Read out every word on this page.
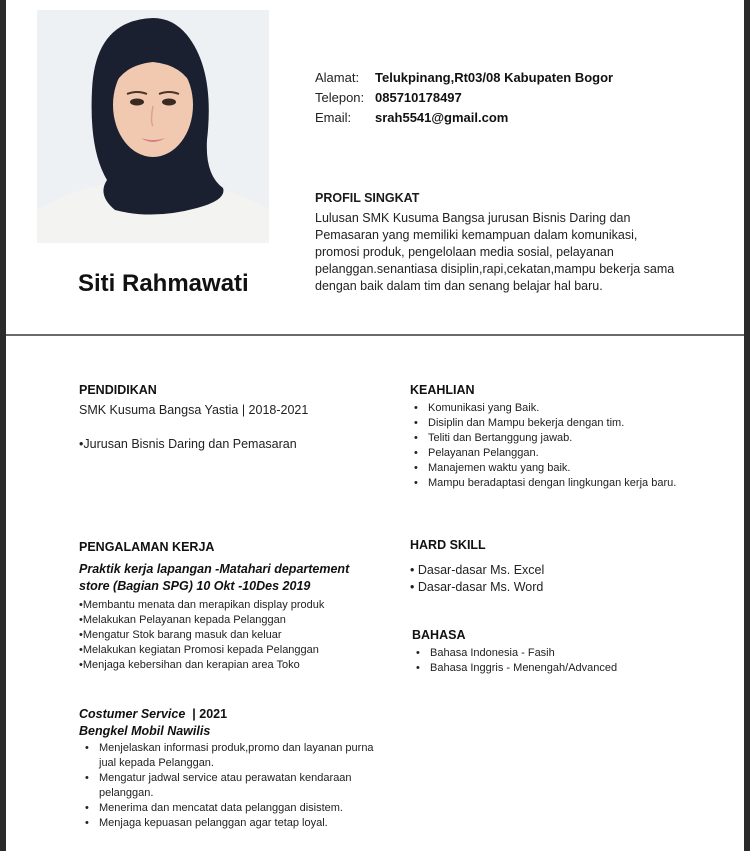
Siti Rahmawati
Alamat:	Telukpinang,Rt03/08 Kabupaten Bogor
Telepon: 085710178497
Email:	srah5541@gmail.com
PROFIL SINGKAT
Lulusan SMK Kusuma Bangsa jurusan Bisnis Daring dan Pemasaran yang memiliki kemampuan dalam komunikasi, promosi produk, pengelolaan media sosial, pelayanan pelanggan.senantiasa disiplin,rapi,cekatan,mampu bekerja sama dengan baik dalam tim dan senang belajar hal baru.
PENDIDIKAN
SMK Kusuma Bangsa Yastia | 2018-2021
•Jurusan Bisnis Daring dan Pemasaran
KEAHLIAN
• Komunikasi yang Baik.
• Disiplin dan Mampu bekerja dengan tim.
• Teliti dan Bertanggung jawab.
• Pelayanan Pelanggan.
• Manajemen waktu yang baik.
• Mampu beradaptasi dengan lingkungan kerja baru.
PENGALAMAN KERJA
Praktik kerja lapangan -Matahari departement store (Bagian SPG) 10 Okt -10Des 2019
•Membantu menata dan merapikan display produk
•Melakukan Pelayanan kepada Pelanggan
•Mengatur Stok barang masuk dan keluar
•Melakukan kegiatan Promosi kepada Pelanggan
•Menjaga kebersihan dan kerapian area Toko
Costumer Service | 2021
Bengkel Mobil Nawilis
• Menjelaskan informasi produk,promo dan layanan purna jual kepada Pelanggan.
• Mengatur jadwal service atau perawatan kendaraan pelanggan.
• Menerima dan mencatat data pelanggan disistem.
• Menjaga kepuasan pelanggan agar tetap loyal.
HARD SKILL
• Dasar-dasar Ms. Excel
• Dasar-dasar Ms. Word
BAHASA
• Bahasa Indonesia - Fasih
• Bahasa Inggris - Menengah/Advanced
